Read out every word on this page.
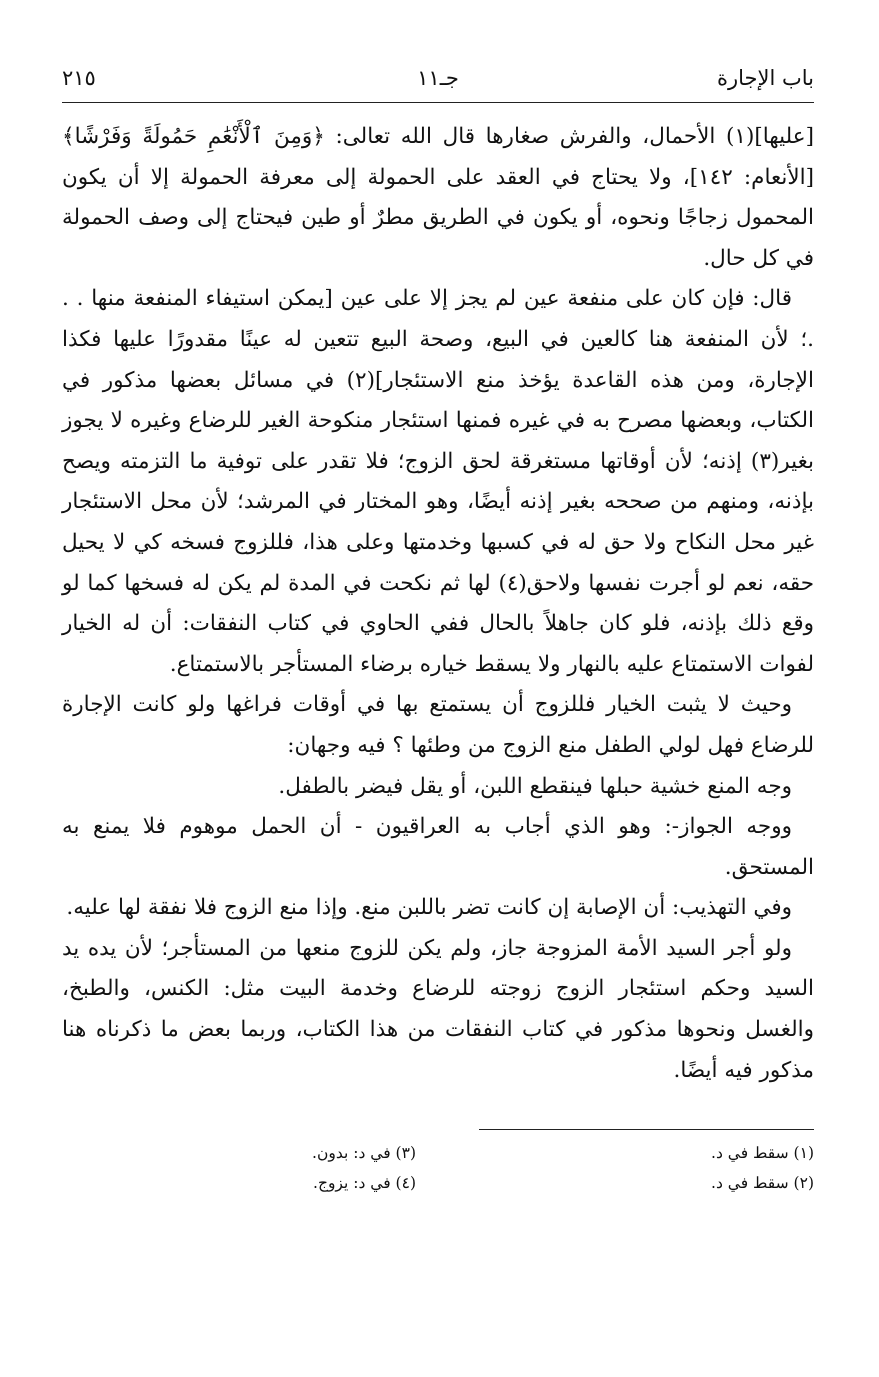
باب الإجارة
جـ١١
٢١٥

[عليها](١) الأحمال، والفرش صغارها قال الله تعالى: ﴿وَمِنَ ٱلْأَنْعَٰمِ حَمُولَةً وَفَرْشًا﴾ [الأنعام: ١٤٢]، ولا يحتاج في العقد على الحمولة إلى معرفة الحمولة إلا أن يكون المحمول زجاجًا ونحوه، أو يكون في الطريق مطرٌ أو طين فيحتاج إلى وصف الحمولة في كل حال.

قال: فإن كان على منفعة عين لم يجز إلا على عين [يمكن استيفاء المنفعة منها . . .؛ لأن المنفعة هنا كالعين في البيع، وصحة البيع تتعين له عينًا مقدورًا عليها فكذا الإجارة، ومن هذه القاعدة يؤخذ منع الاستئجار](٢) في مسائل بعضها مذكور في الكتاب، وبعضها مصرح به في غيره فمنها استئجار منكوحة الغير للرضاع وغيره لا يجوز بغير(٣) إذنه؛ لأن أوقاتها مستغرقة لحق الزوج؛ فلا تقدر على توفية ما التزمته ويصح بإذنه، ومنهم من صححه بغير إذنه أيضًا، وهو المختار في المرشد؛ لأن محل الاستئجار غير محل النكاح ولا حق له في كسبها وخدمتها وعلى هذا، فللزوج فسخه كي لا يحيل حقه، نعم لو أجرت نفسها ولاحق(٤) لها ثم نكحت في المدة لم يكن له فسخها كما لو وقع ذلك بإذنه، فلو كان جاهلاً بالحال ففي الحاوي في كتاب النفقات: أن له الخيار لفوات الاستمتاع عليه بالنهار ولا يسقط خياره برضاء المستأجر بالاستمتاع.

وحيث لا يثبت الخيار فللزوج أن يستمتع بها في أوقات فراغها ولو كانت الإجارة للرضاع فهل لولي الطفل منع الزوج من وطئها ؟ فيه وجهان:

وجه المنع خشية حبلها فينقطع اللبن، أو يقل فيضر بالطفل.

ووجه الجواز-: وهو الذي أجاب به العراقيون - أن الحمل موهوم فلا يمنع به المستحق.

وفي التهذيب: أن الإصابة إن كانت تضر باللبن منع. وإذا منع الزوج فلا نفقة لها عليه.

ولو أجر السيد الأمة المزوجة جاز، ولم يكن للزوج منعها من المستأجر؛ لأن يده يد السيد وحكم استئجار الزوج زوجته للرضاع وخدمة البيت مثل: الكنس، والطبخ، والغسل ونحوها مذكور في كتاب النفقات من هذا الكتاب، وربما بعض ما ذكرناه هنا مذكور فيه أيضًا.

(١) سقط في د.
(٢) سقط في د.
(٣) في د: بدون.
(٤) في د: يزوج.
